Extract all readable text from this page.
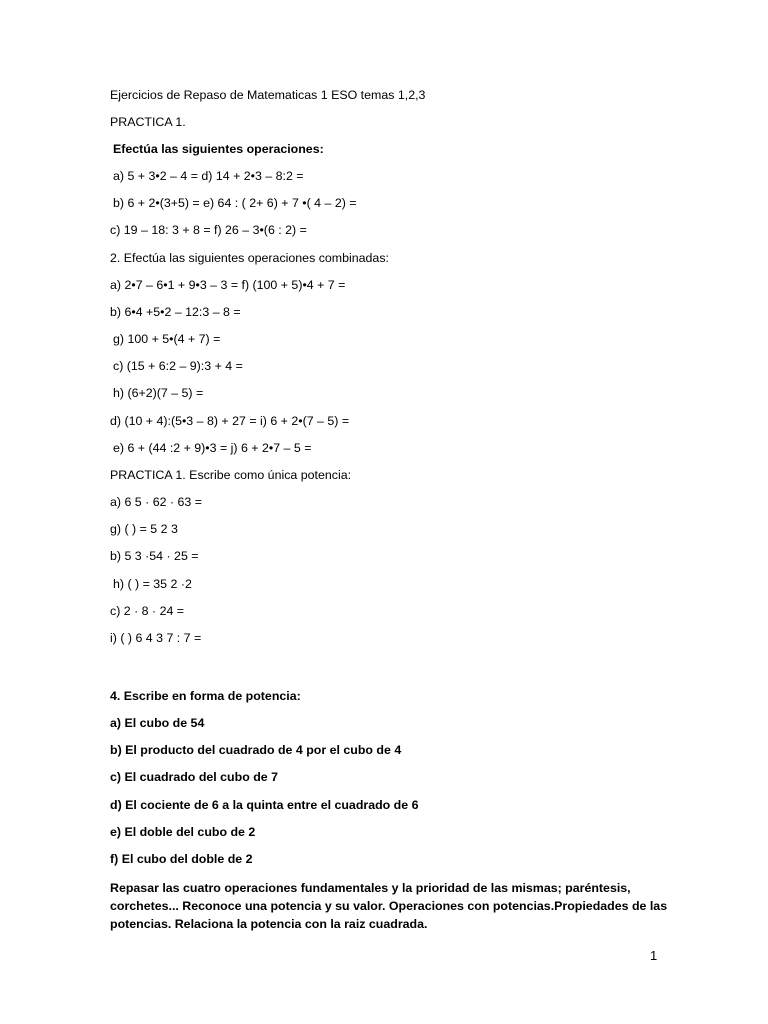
Ejercicios de Repaso de Matematicas 1 ESO temas 1,2,3
PRACTICA 1.
Efectúa las siguientes operaciones:
a) 5 + 3•2 – 4 = d) 14 + 2•3 – 8:2 =
b) 6 + 2•(3+5) = e) 64 : ( 2+ 6) + 7 •( 4 – 2) =
c) 19 – 18: 3 + 8 = f) 26 – 3•(6 : 2) =
2. Efectúa las siguientes operaciones combinadas:
a) 2•7 – 6•1 + 9•3 – 3 = f) (100 + 5)•4 + 7 =
b) 6•4 +5•2 – 12:3 – 8 =
g) 100 + 5•(4 + 7) =
c) (15 + 6:2 – 9):3 + 4 =
h) (6+2)(7 – 5) =
d) (10 + 4):(5•3 – 8) + 27 = i) 6 + 2•(7 – 5) =
e) 6 + (44 :2 + 9)•3 = j) 6 + 2•7 – 5 =
PRACTICA 1. Escribe como única potencia:
a) 6 5 · 62 · 63 =
g) ( ) = 5 2 3
b) 5 3 ·54 · 25 =
h) ( ) = 35 2 ·2
c) 2 · 8 · 24 =
i) ( ) 6 4 3 7 : 7 =
4. Escribe en forma de potencia:
a) El cubo de 54
b) El producto del cuadrado de 4 por el cubo de 4
c) El cuadrado del cubo de 7
d) El cociente de 6 a la quinta entre el cuadrado de 6
e) El doble del cubo de 2
f) El cubo del doble de 2
Repasar las cuatro operaciones fundamentales y la prioridad de las mismas; paréntesis, corchetes... Reconoce una potencia y su valor. Operaciones con potencias.Propiedades de las potencias. Relaciona la potencia con la raiz cuadrada.
1
